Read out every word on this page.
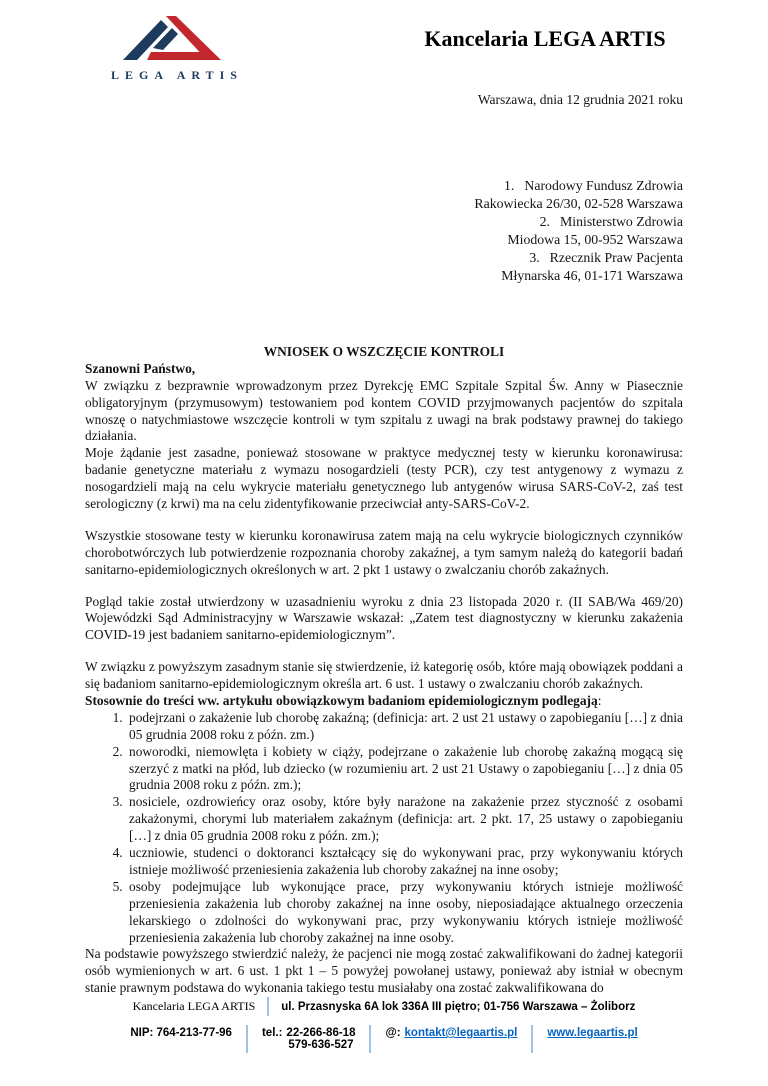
LEGA ARTIS
Kancelaria LEGA ARTIS
Warszawa, dnia 12 grudnia 2021 roku
1. Narodowy Fundusz Zdrowia
Rakowiecka 26/30, 02-528 Warszawa
2. Ministerstwo Zdrowia
Miodowa 15, 00-952 Warszawa
3. Rzecznik Praw Pacjenta
Młynarska 46, 01-171 Warszawa

WNIOSEK O WSZCZĘCIE KONTROLI

Szanowni Państwo,

W związku z bezprawnie wprowadzonym przez Dyrekcję EMC Szpitale Szpital Św. Anny w Piasecznie obligatoryjnym (przymusowym) testowaniem pod kontem COVID przyjmowanych pacjentów do szpitala wnoszę o natychmiastowe wszczęcie kontroli w tym szpitalu z uwagi na brak podstawy prawnej do takiego działania.

Moje żądanie jest zasadne, ponieważ stosowane w praktyce medycznej testy w kierunku koronawirusa: badanie genetyczne materiału z wymazu nosogardzieli (testy PCR), czy test antygenowy z wymazu z nosogardzieli mają na celu wykrycie materiału genetycznego lub antygenów wirusa SARS-CoV-2, zaś test serologiczny (z krwi) ma na celu zidentyfikowanie przeciwciał anty-SARS-CoV-2.

Wszystkie stosowane testy w kierunku koronawirusa zatem mają na celu wykrycie biologicznych czynników chorobotwórczych lub potwierdzenie rozpoznania choroby zakaźnej, a tym samym należą do kategorii badań sanitarno-epidemiologicznych określonych w art. 2 pkt 1 ustawy o zwalczaniu chorób zakaźnych.

Pogląd takie został utwierdzony w uzasadnieniu wyroku z dnia 23 listopada 2020 r. (II SAB/Wa 469/20) Wojewódzki Sąd Administracyjny w Warszawie wskazał: „Zatem test diagnostyczny w kierunku zakażenia COVID-19 jest badaniem sanitarno-epidemiologicznym”.

W związku z powyższym zasadnym stanie się stwierdzenie, iż kategorię osób, które mają obowiązek poddani a się badaniom sanitarno-epidemiologicznym określa art. 6 ust. 1 ustawy o zwalczaniu chorób zakaźnych.

Stosownie do treści ww. artykułu obowiązkowym badaniom epidemiologicznym podlegają:

1. podejrzani o zakażenie lub chorobę zakaźną; (definicja: art. 2 ust 21 ustawy o zapobieganiu […] z dnia 05 grudnia 2008 roku z późn. zm.)
2. noworodki, niemowlęta i kobiety w ciąży, podejrzane o zakażenie lub chorobę zakaźną mogącą się szerzyć z matki na płód, lub dziecko (w rozumieniu art. 2 ust 21 Ustawy o zapobieganiu […] z dnia 05 grudnia 2008 roku z późn. zm.);
3. nosiciele, ozdrowieńcy oraz osoby, które były narażone na zakażenie przez styczność z osobami zakażonymi, chorymi lub materiałem zakaźnym (definicja: art. 2 pkt. 17, 25 ustawy o zapobieganiu […] z dnia 05 grudnia 2008 roku z późn. zm.);
4. uczniowie, studenci o doktoranci kształcący się do wykonywani prac, przy wykonywaniu których istnieje możliwość przeniesienia zakażenia lub choroby zakaźnej na inne osoby;
5. osoby podejmujące lub wykonujące prace, przy wykonywaniu których istnieje możliwość przeniesienia zakażenia lub choroby zakaźnej na inne osoby, nieposiadające aktualnego orzeczenia lekarskiego o zdolności do wykonywani prac, przy wykonywaniu których istnieje możliwość przeniesienia zakażenia lub choroby zakaźnej na inne osoby.

Na podstawie powyższego stwierdzić należy, że pacjenci nie mogą zostać zakwalifikowani do żadnej kategorii osób wymienionych w art. 6 ust. 1 pkt 1 – 5 powyżej powołanej ustawy, ponieważ aby istniał w obecnym stanie prawnym podstawa do wykonania takiego testu musiałaby ona zostać zakwalifikowana do

Kancelaria LEGA ARTIS	ul. Przasnyska 6A lok 336A III piętro; 01-756 Warszawa – Żoliborz
NIP: 764-213-77-96	tel.: 22-266-86-18
579-636-527
@: kontakt@legaartis.pl	www.legaartis.pl
